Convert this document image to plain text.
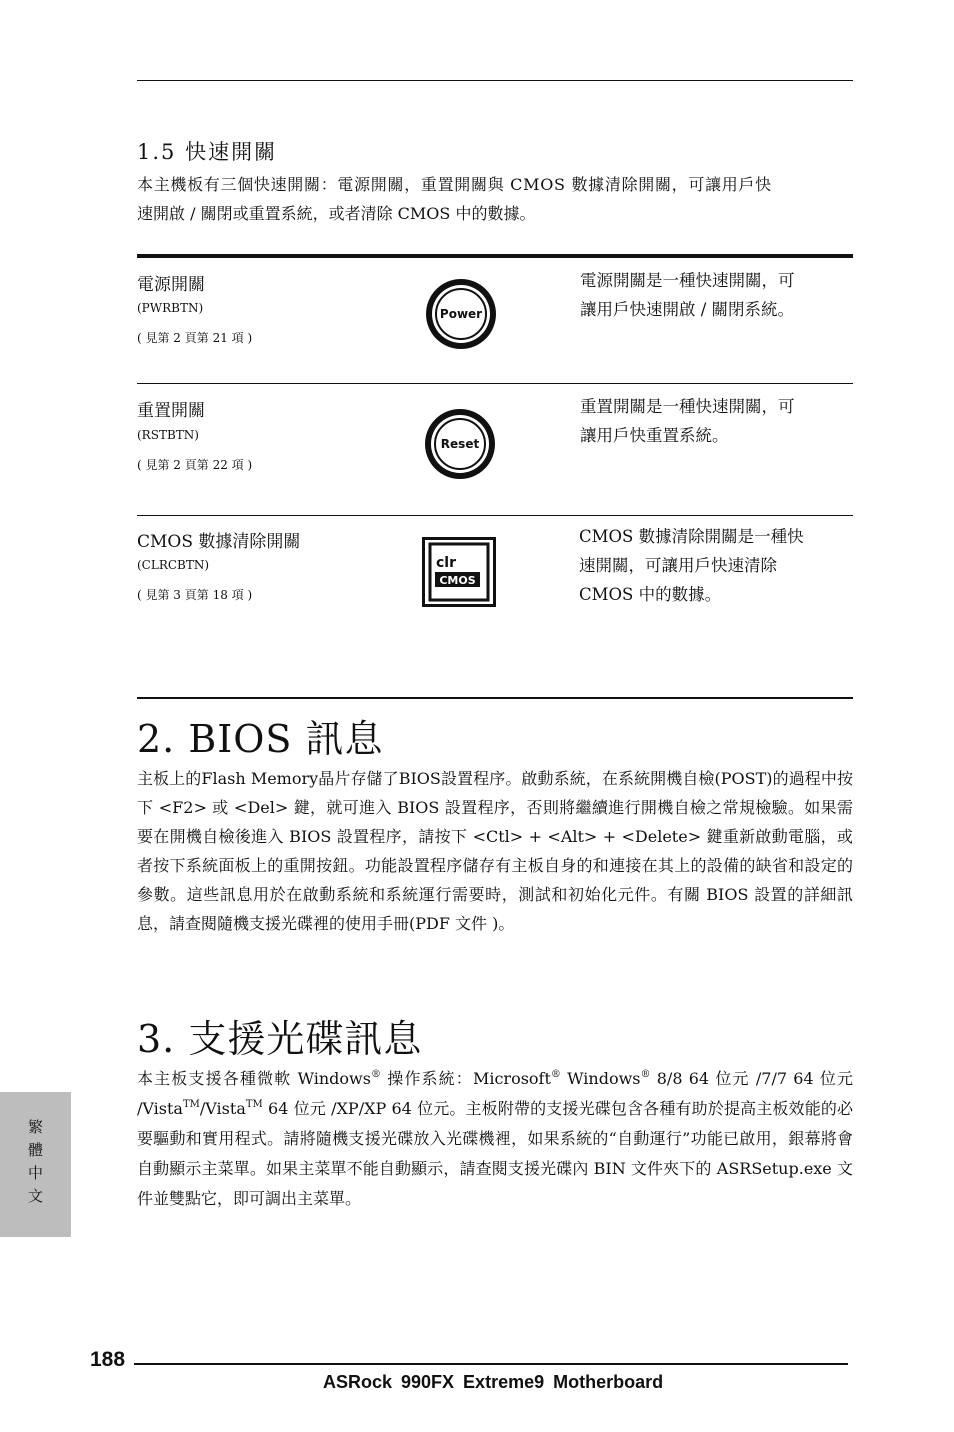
1.5 快速開關
本主機板有三個快速開關：電源開關，重置開關與 CMOS 數據清除開關，可讓用戶快
速開啟 / 關閉或重置系統，或者清除 CMOS 中的數據。
電源開關
(PWRBTN)
( 見第 2 頁第 21 項 )
Power
電源開關是一種快速開關，可
讓用戶快速開啟 / 關閉系統。
重置開關
(RSTBTN)
( 見第 2 頁第 22 項 )
Reset
重置開關是一種快速開關，可
讓用戶快重置系統。
CMOS 數據清除開關
(CLRCBTN)
( 見第 3 頁第 18 項 )
clr
CMOS
CMOS 數據清除開關是一種快
速開關，可讓用戶快速清除
CMOS 中的數據。
2. BIOS 訊息
主板上的Flash Memory晶片存儲了BIOS設置程序。啟動系統，在系統開機自檢(POST)的過程中按下 <F2> 或 <Del> 鍵，就可進入 BIOS 設置程序，否則將繼續進行開機自檢之常規檢驗。如果需要在開機自檢後進入 BIOS 設置程序，請按下 <Ctl> + <Alt> + <Delete> 鍵重新啟動電腦，或者按下系統面板上的重開按鈕。功能設置程序儲存有主板自身的和連接在其上的設備的缺省和設定的參數。這些訊息用於在啟動系統和系統運行需要時，測試和初始化元件。有關 BIOS 設置的詳細訊息，請查閱隨機支援光碟裡的使用手冊(PDF 文件 )。
3. 支援光碟訊息
本主板支援各種微軟 Windows® 操作系統：Microsoft® Windows® 8/8 64 位元 /7/7 64 位元 /Vista™/Vista™ 64 位元 /XP/XP 64 位元。主板附帶的支援光碟包含各種有助於提高主板效能的必要驅動和實用程式。請將隨機支援光碟放入光碟機裡，如果系統的“自動運行”功能已啟用，銀幕將會自動顯示主菜單。如果主菜單不能自動顯示，請查閱支援光碟內 BIN 文件夾下的 ASRSetup.exe 文件並雙點它，即可調出主菜單。
繁體中文
188
ASRock 990FX Extreme9 Motherboard
